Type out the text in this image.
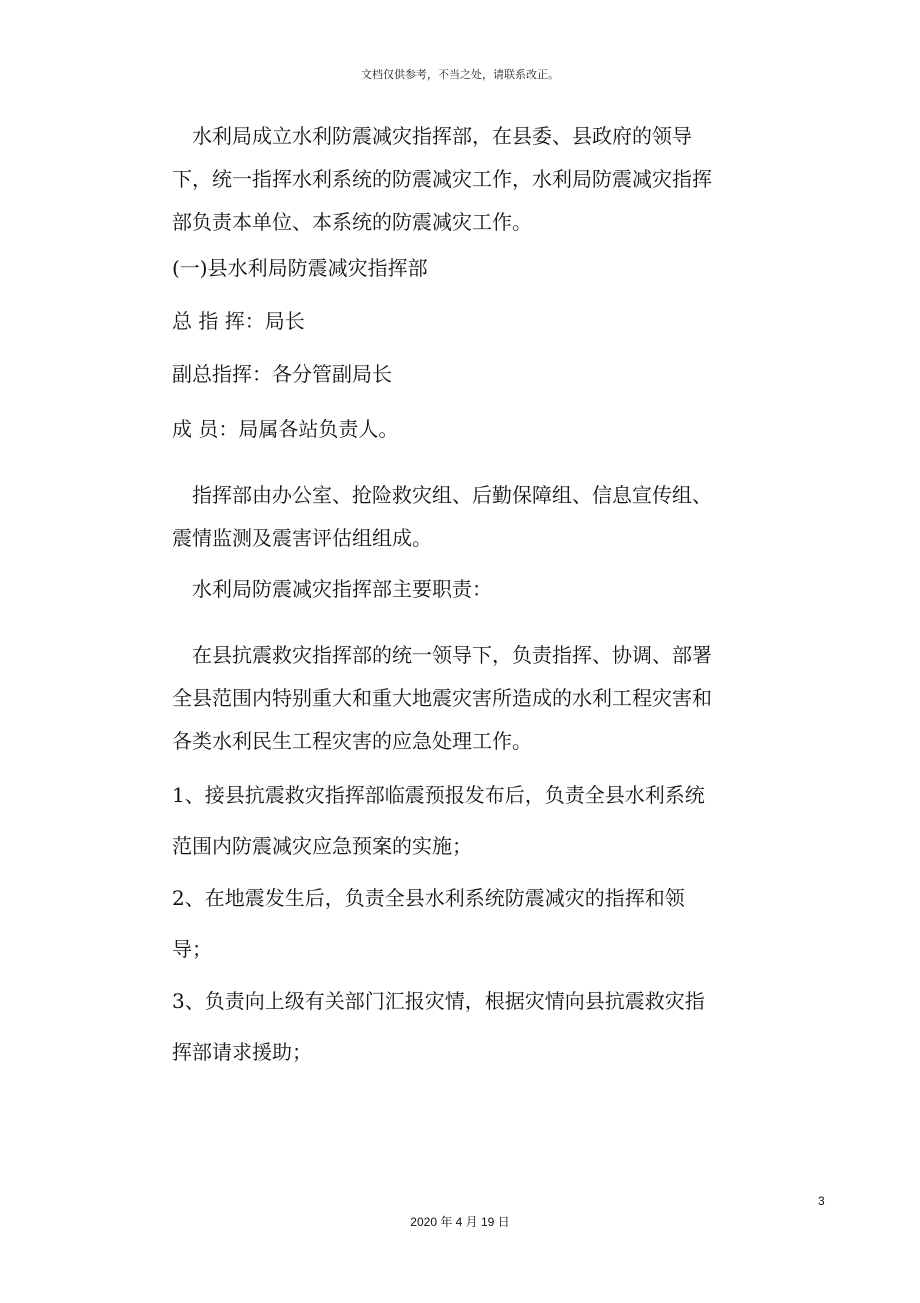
文档仅供参考，不当之处，请联系改正。

水利局成立水利防震减灾指挥部，在县委、县政府的领导下，统一指挥水利系统的防震减灾工作，水利局防震减灾指挥部负责本单位、本系统的防震减灾工作。

(一)县水利局防震减灾指挥部

总 指 挥：局长

副总指挥：各分管副局长

成 员：局属各站负责人。

指挥部由办公室、抢险救灾组、后勤保障组、信息宣传组、震情监测及震害评估组组成。

水利局防震减灾指挥部主要职责：

在县抗震救灾指挥部的统一领导下，负责指挥、协调、部署全县范围内特别重大和重大地震灾害所造成的水利工程灾害和各类水利民生工程灾害的应急处理工作。

1、接县抗震救灾指挥部临震预报发布后，负责全县水利系统范围内防震减灾应急预案的实施；

2、在地震发生后，负责全县水利系统防震减灾的指挥和领导；

3、负责向上级有关部门汇报灾情，根据灾情向县抗震救灾指挥部请求援助；

3
2020 年 4 月 19 日
